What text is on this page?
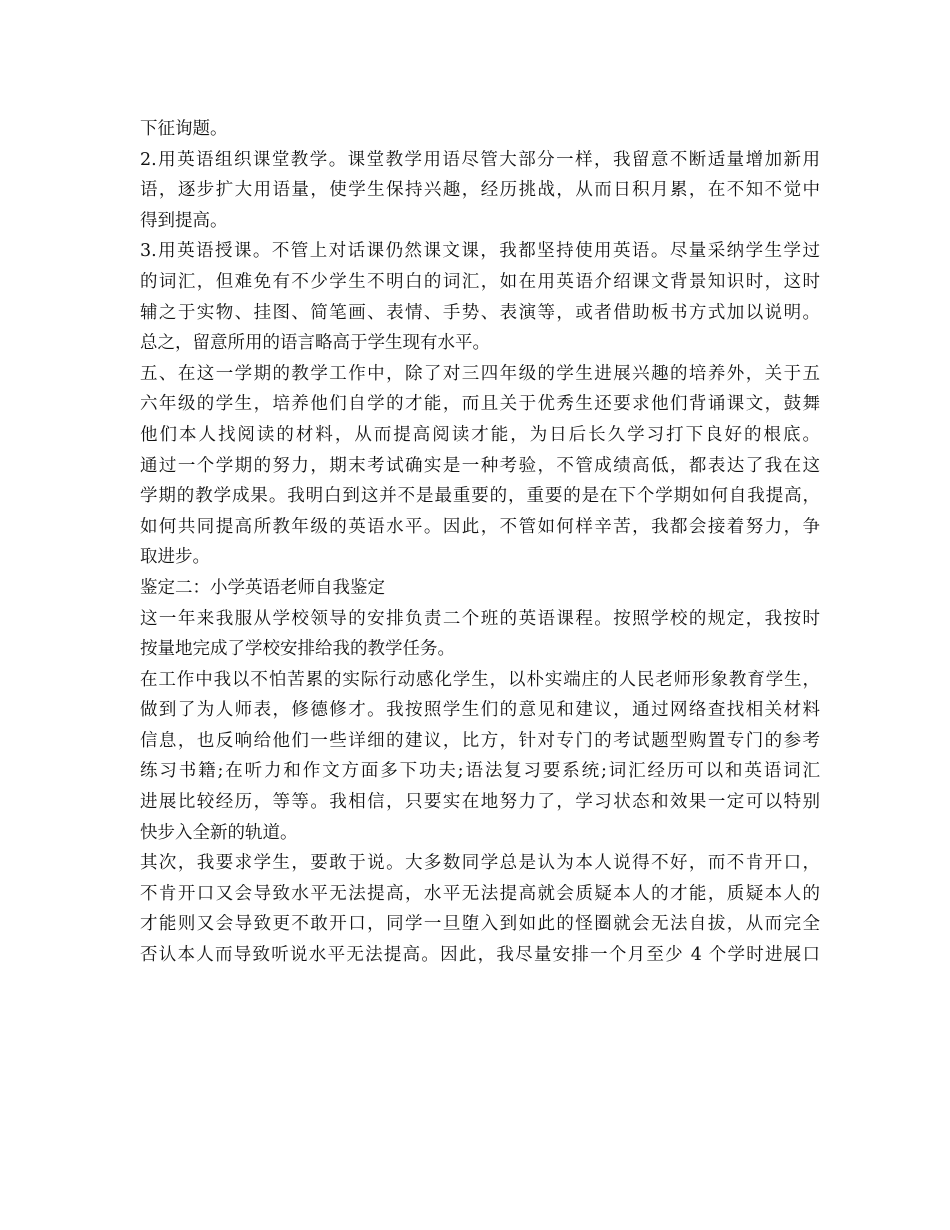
下征询题。
2.用英语组织课堂教学。课堂教学用语尽管大部分一样，我留意不断适量增加新用
语，逐步扩大用语量，使学生保持兴趣，经历挑战，从而日积月累，在不知不觉中
得到提高。
3.用英语授课。不管上对话课仍然课文课，我都坚持使用英语。尽量采纳学生学过
的词汇，但难免有不少学生不明白的词汇，如在用英语介绍课文背景知识时，这时
辅之于实物、挂图、简笔画、表情、手势、表演等，或者借助板书方式加以说明。
总之，留意所用的语言略高于学生现有水平。
五、在这一学期的教学工作中，除了对三四年级的学生进展兴趣的培养外，关于五
六年级的学生，培养他们自学的才能，而且关于优秀生还要求他们背诵课文，鼓舞
他们本人找阅读的材料，从而提高阅读才能，为日后长久学习打下良好的根底。
通过一个学期的努力，期末考试确实是一种考验，不管成绩高低，都表达了我在这
学期的教学成果。我明白到这并不是最重要的，重要的是在下个学期如何自我提高，
如何共同提高所教年级的英语水平。因此，不管如何样辛苦，我都会接着努力，争
取进步。
鉴定二：小学英语老师自我鉴定
这一年来我服从学校领导的安排负责二个班的英语课程。按照学校的规定，我按时
按量地完成了学校安排给我的教学任务。
在工作中我以不怕苦累的实际行动感化学生，以朴实端庄的人民老师形象教育学生，
做到了为人师表，修德修才。我按照学生们的意见和建议，通过网络查找相关材料
信息，也反响给他们一些详细的建议，比方，针对专门的考试题型购置专门的参考
练习书籍;在听力和作文方面多下功夫;语法复习要系统;词汇经历可以和英语词汇
进展比较经历，等等。我相信，只要实在地努力了，学习状态和效果一定可以特别
快步入全新的轨道。
其次，我要求学生，要敢于说。大多数同学总是认为本人说得不好，而不肯开口，
不肯开口又会导致水平无法提高，水平无法提高就会质疑本人的才能，质疑本人的
才能则又会导致更不敢开口，同学一旦堕入到如此的怪圈就会无法自拔，从而完全
否认本人而导致听说水平无法提高。因此，我尽量安排一个月至少 4 个学时进展口
